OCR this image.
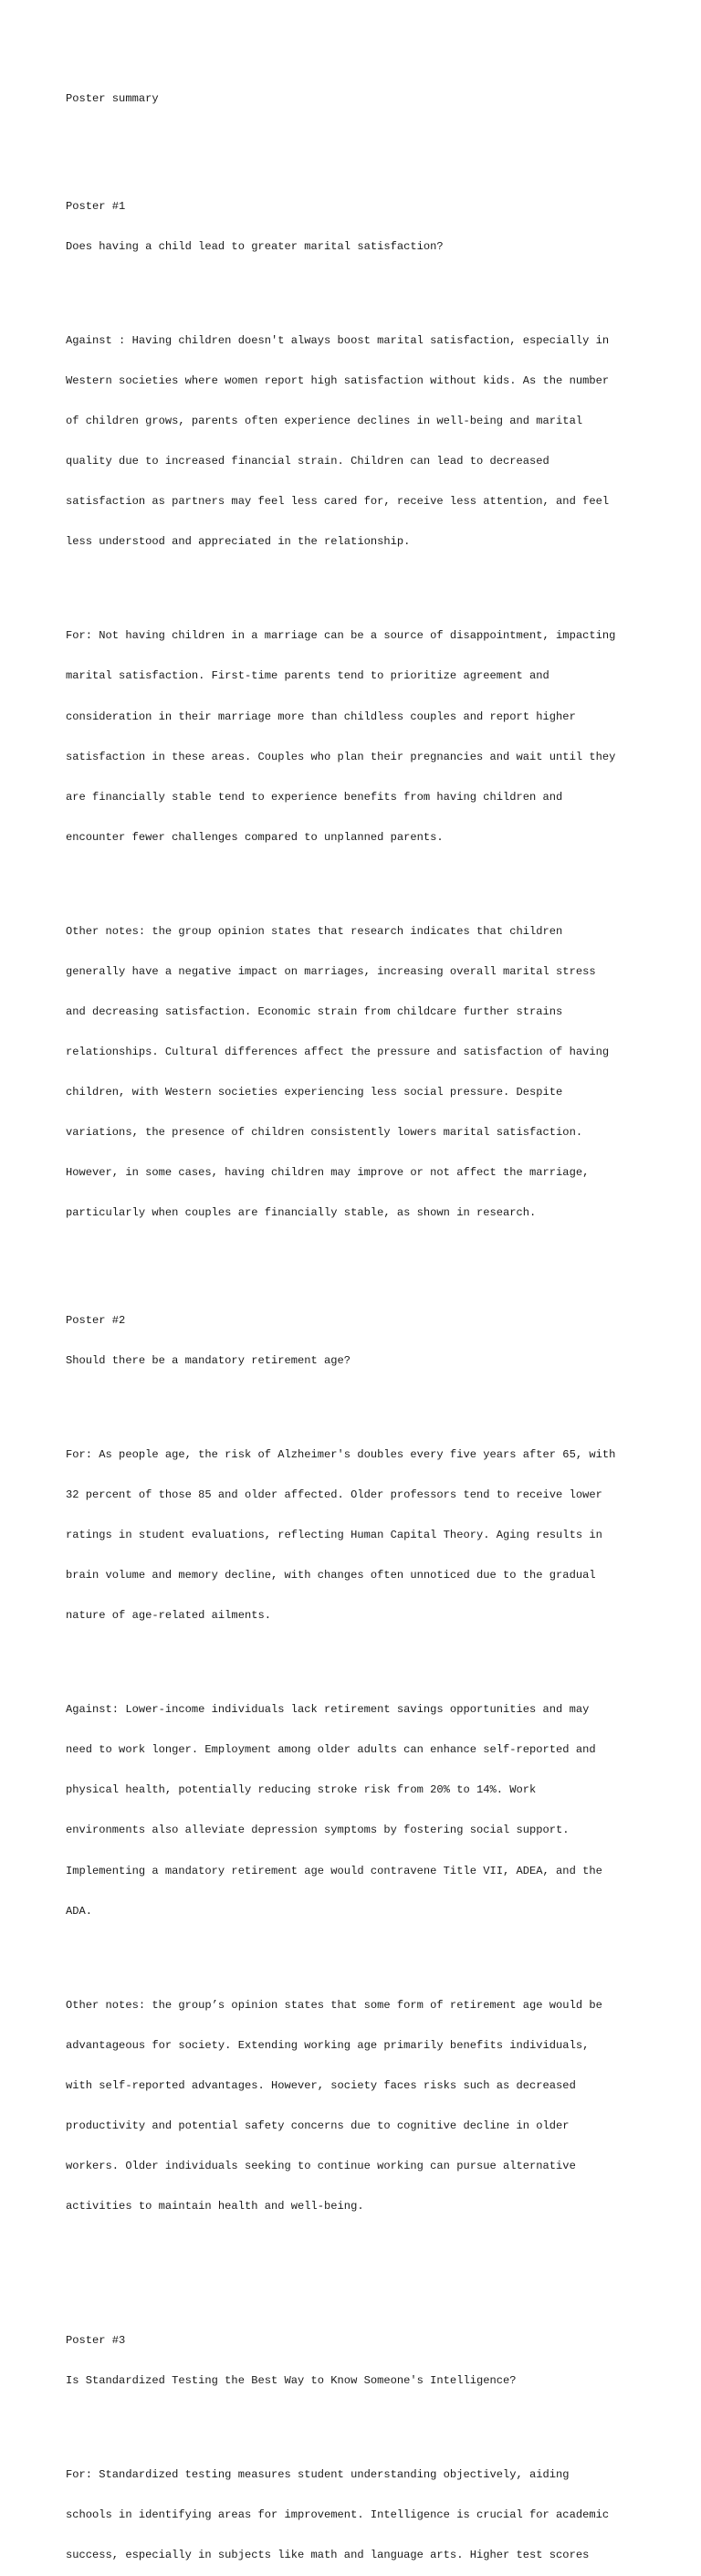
Poster summary

Poster #1

Does having a child lead to greater marital satisfaction?

Against : Having children doesn't always boost marital satisfaction, especially in

Western societies where women report high satisfaction without kids. As the number

of children grows, parents often experience declines in well-being and marital

quality due to increased financial strain. Children can lead to decreased

satisfaction as partners may feel less cared for, receive less attention, and feel

less understood and appreciated in the relationship.

For: Not having children in a marriage can be a source of disappointment, impacting

marital satisfaction. First-time parents tend to prioritize agreement and

consideration in their marriage more than childless couples and report higher

satisfaction in these areas. Couples who plan their pregnancies and wait until they

are financially stable tend to experience benefits from having children and

encounter fewer challenges compared to unplanned parents.

Other notes: the group opinion states that research indicates that children

generally have a negative impact on marriages, increasing overall marital stress

and decreasing satisfaction. Economic strain from childcare further strains

relationships. Cultural differences affect the pressure and satisfaction of having

children, with Western societies experiencing less social pressure. Despite

variations, the presence of children consistently lowers marital satisfaction.

However, in some cases, having children may improve or not affect the marriage,

particularly when couples are financially stable, as shown in research.

Poster #2

Should there be a mandatory retirement age?

For: As people age, the risk of Alzheimer's doubles every five years after 65, with

32 percent of those 85 and older affected. Older professors tend to receive lower

ratings in student evaluations, reflecting Human Capital Theory. Aging results in

brain volume and memory decline, with changes often unnoticed due to the gradual

nature of age-related ailments.

Against: Lower-income individuals lack retirement savings opportunities and may

need to work longer. Employment among older adults can enhance self-reported and

physical health, potentially reducing stroke risk from 20% to 14%. Work

environments also alleviate depression symptoms by fostering social support.

Implementing a mandatory retirement age would contravene Title VII, ADEA, and the

ADA.

Other notes: the group’s opinion states that some form of retirement age would be

advantageous for society. Extending working age primarily benefits individuals,

with self-reported advantages. However, society faces risks such as decreased

productivity and potential safety concerns due to cognitive decline in older

workers. Older individuals seeking to continue working can pursue alternative

activities to maintain health and well-being.

Poster #3

Is Standardized Testing the Best Way to Know Someone's Intelligence?

For: Standardized testing measures student understanding objectively, aiding

schools in identifying areas for improvement. Intelligence is crucial for academic

success, especially in subjects like math and language arts. Higher test scores
